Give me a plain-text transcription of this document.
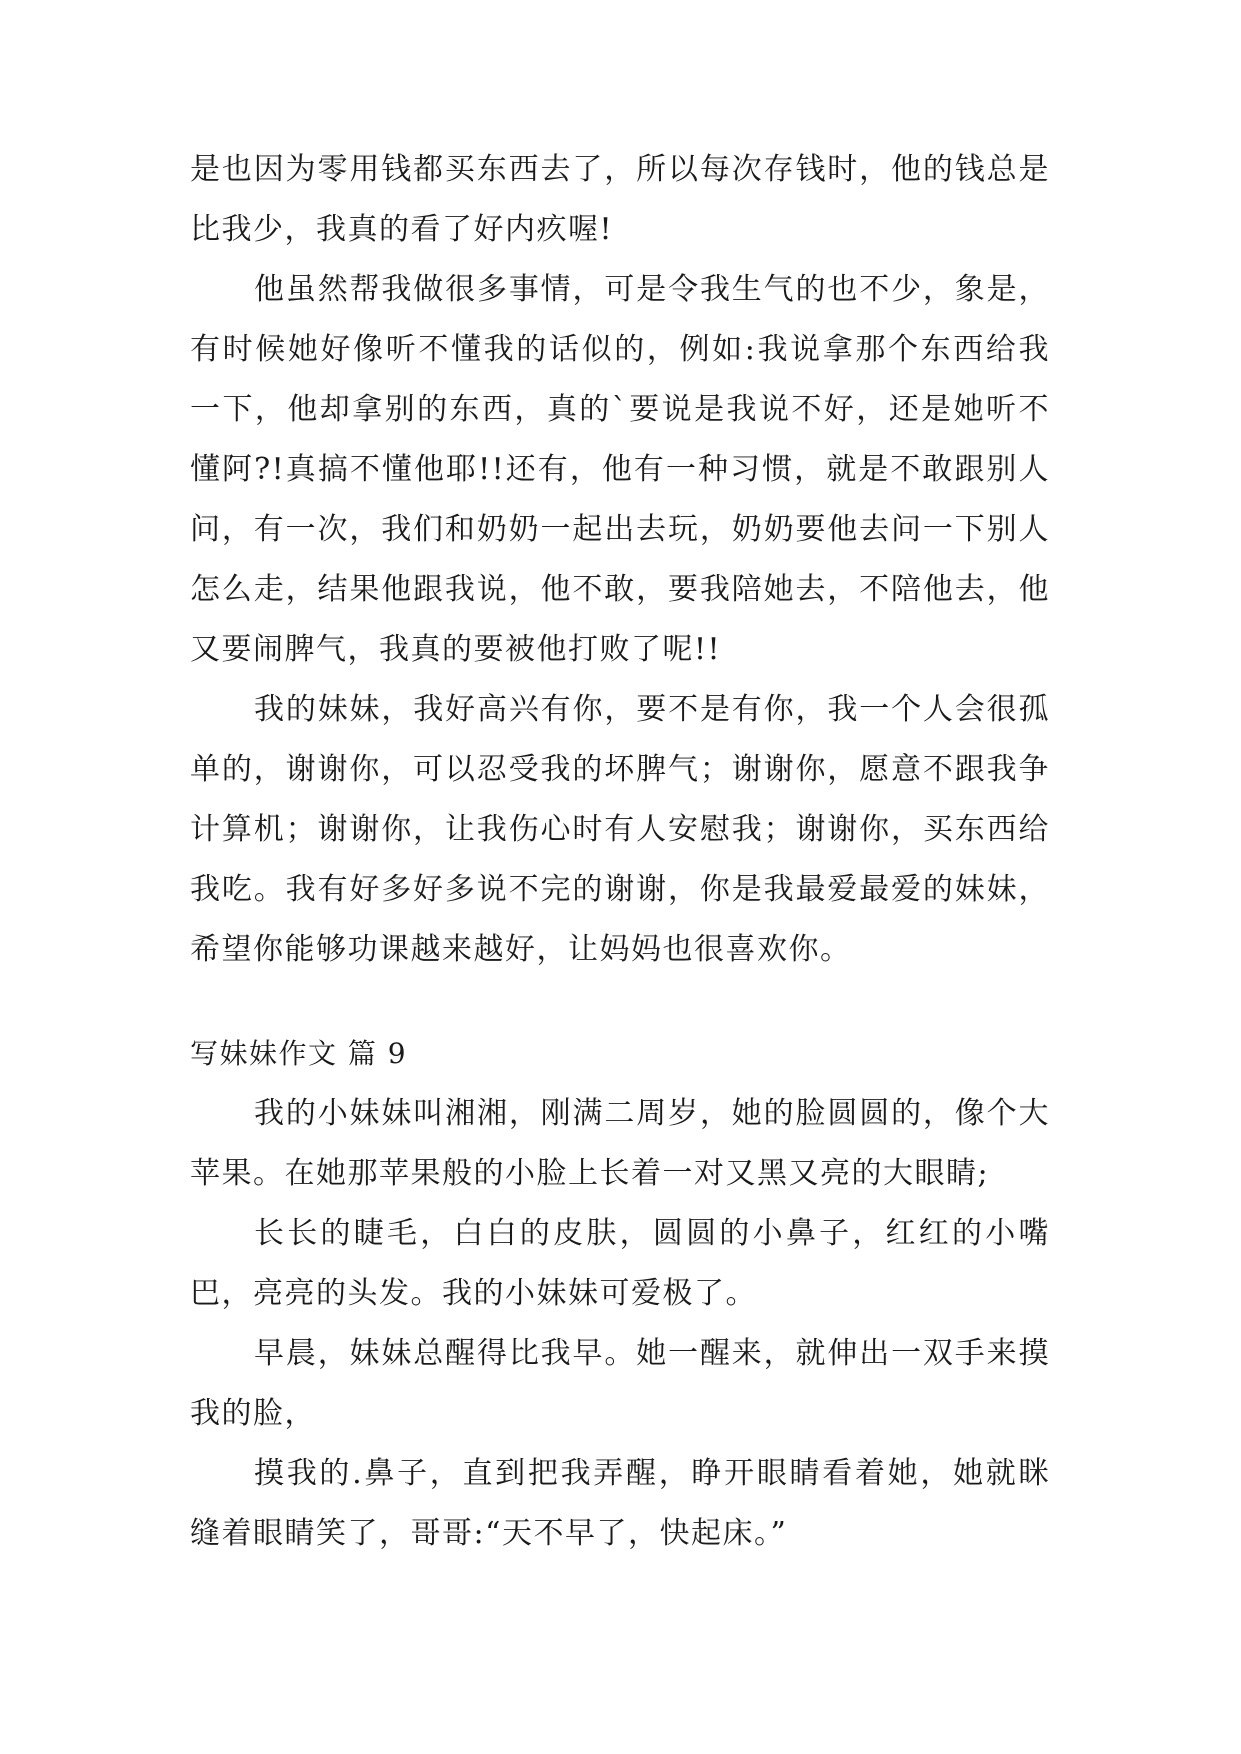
是也因为零用钱都买东西去了，所以每次存钱时，他的钱总是比我少，我真的看了好内疚喔!

他虽然帮我做很多事情，可是令我生气的也不少，象是，有时候她好像听不懂我的话似的，例如:我说拿那个东西给我一下，他却拿别的东西，真的`要说是我说不好，还是她听不懂阿?!真搞不懂他耶!!还有，他有一种习惯，就是不敢跟别人问，有一次，我们和奶奶一起出去玩，奶奶要他去问一下别人怎么走，结果他跟我说，他不敢，要我陪她去，不陪他去，他又要闹脾气，我真的要被他打败了呢!!

我的妹妹，我好高兴有你，要不是有你，我一个人会很孤单的，谢谢你，可以忍受我的坏脾气；谢谢你，愿意不跟我争计算机；谢谢你，让我伤心时有人安慰我；谢谢你，买东西给我吃。我有好多好多说不完的谢谢，你是我最爱最爱的妹妹，希望你能够功课越来越好，让妈妈也很喜欢你。

写妹妹作文 篇 9

我的小妹妹叫湘湘，刚满二周岁，她的脸圆圆的，像个大苹果。在她那苹果般的小脸上长着一对又黑又亮的大眼睛;

长长的睫毛，白白的皮肤，圆圆的小鼻子，红红的小嘴巴，亮亮的头发。我的小妹妹可爱极了。

早晨，妹妹总醒得比我早。她一醒来，就伸出一双手来摸我的脸，

摸我的.鼻子，直到把我弄醒，睁开眼睛看着她，她就眯缝着眼睛笑了，哥哥:“天不早了，快起床。”
